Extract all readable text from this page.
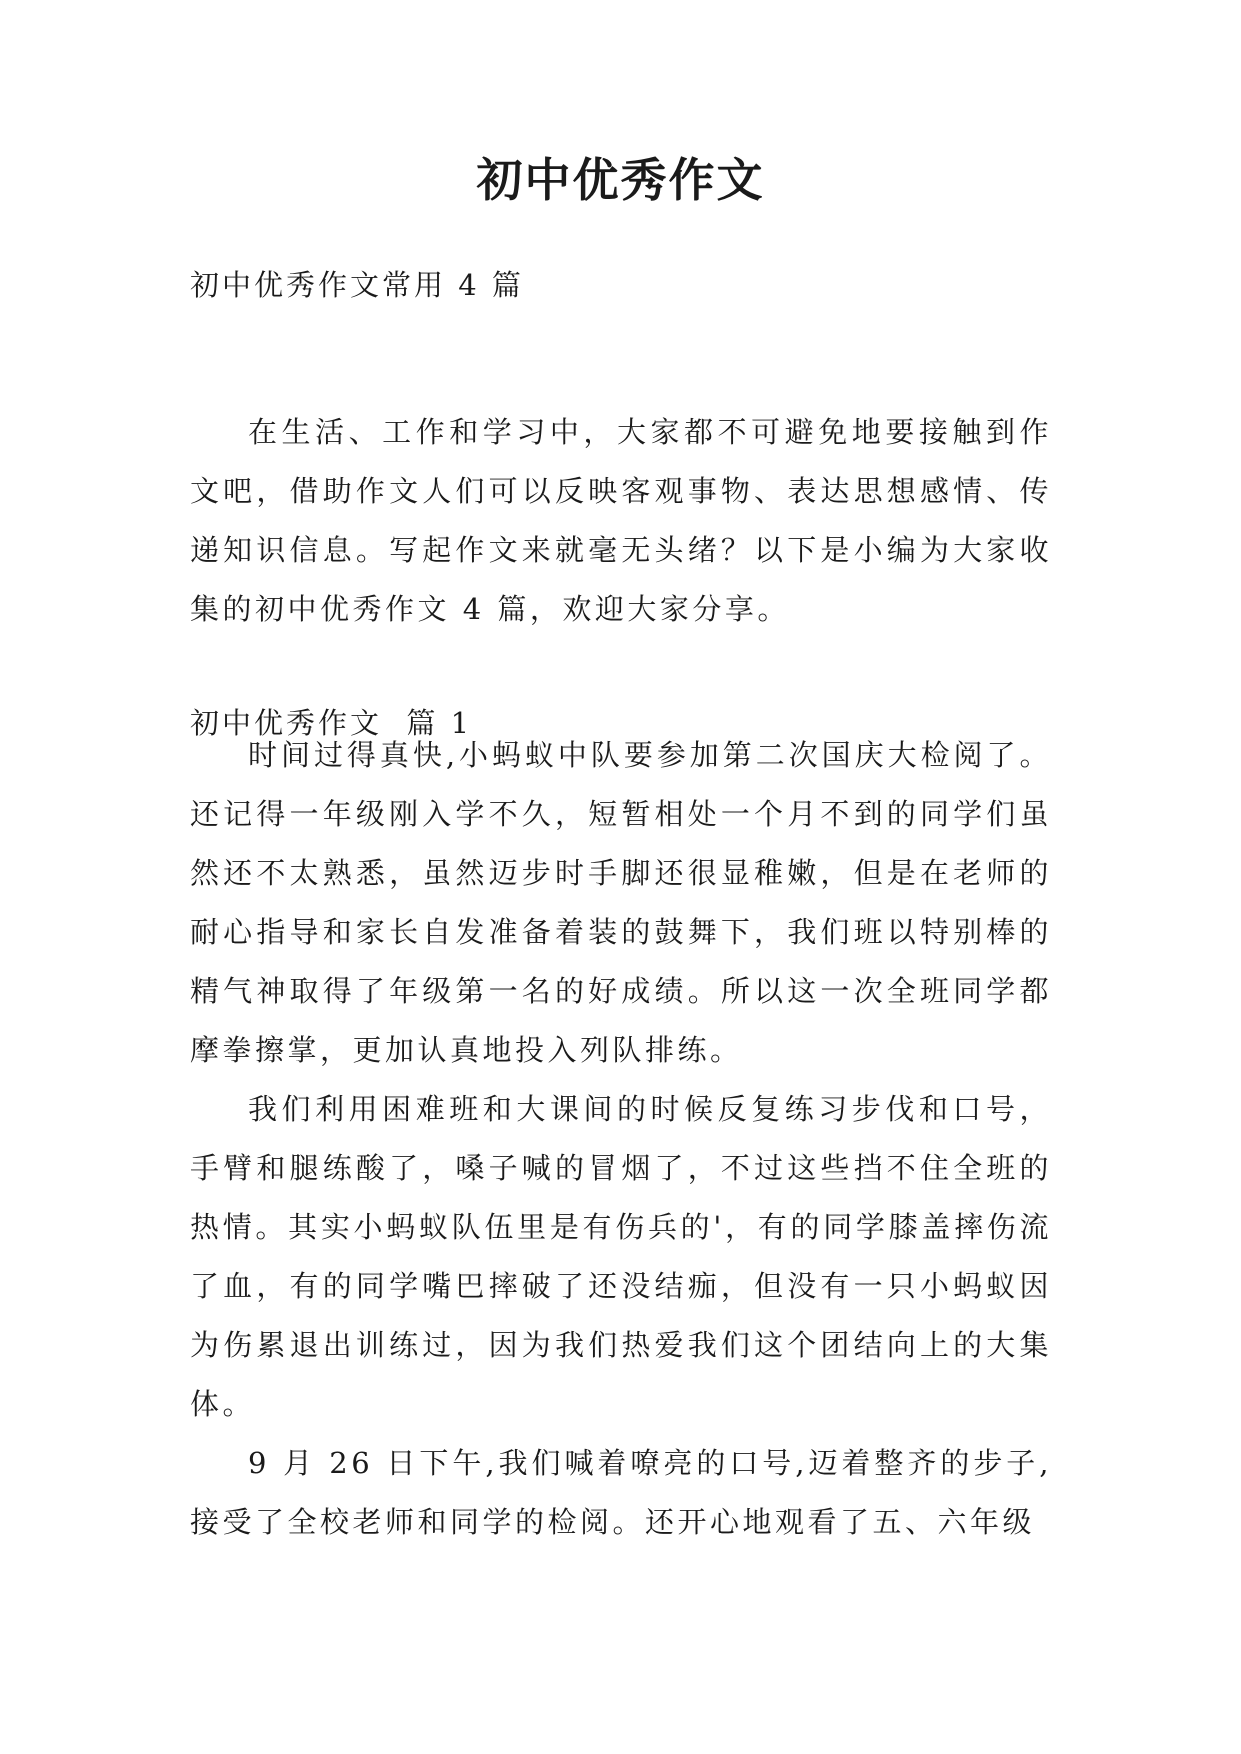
初中优秀作文
初中优秀作文常用 4 篇

在生活、工作和学习中，大家都不可避免地要接触到作文吧，借助作文人们可以反映客观事物、表达思想感情、传递知识信息。写起作文来就毫无头绪？以下是小编为大家收集的初中优秀作文 4 篇，欢迎大家分享。

初中优秀作文  篇 1

时间过得真快,小蚂蚁中队要参加第二次国庆大检阅了。还记得一年级刚入学不久，短暂相处一个月不到的同学们虽然还不太熟悉，虽然迈步时手脚还很显稚嫩，但是在老师的耐心指导和家长自发准备着装的鼓舞下，我们班以特别棒的精气神取得了年级第一名的好成绩。所以这一次全班同学都摩拳擦掌，更加认真地投入列队排练。

我们利用困难班和大课间的时候反复练习步伐和口号，手臂和腿练酸了，嗓子喊的冒烟了，不过这些挡不住全班的热情。其实小蚂蚁队伍里是有伤兵的'，有的同学膝盖摔伤流了血，有的同学嘴巴摔破了还没结痂，但没有一只小蚂蚁因为伤累退出训练过，因为我们热爱我们这个团结向上的大集体。

9 月 26 日下午,我们喊着嘹亮的口号,迈着整齐的步子,接受了全校老师和同学的检阅。还开心地观看了五、六年级
